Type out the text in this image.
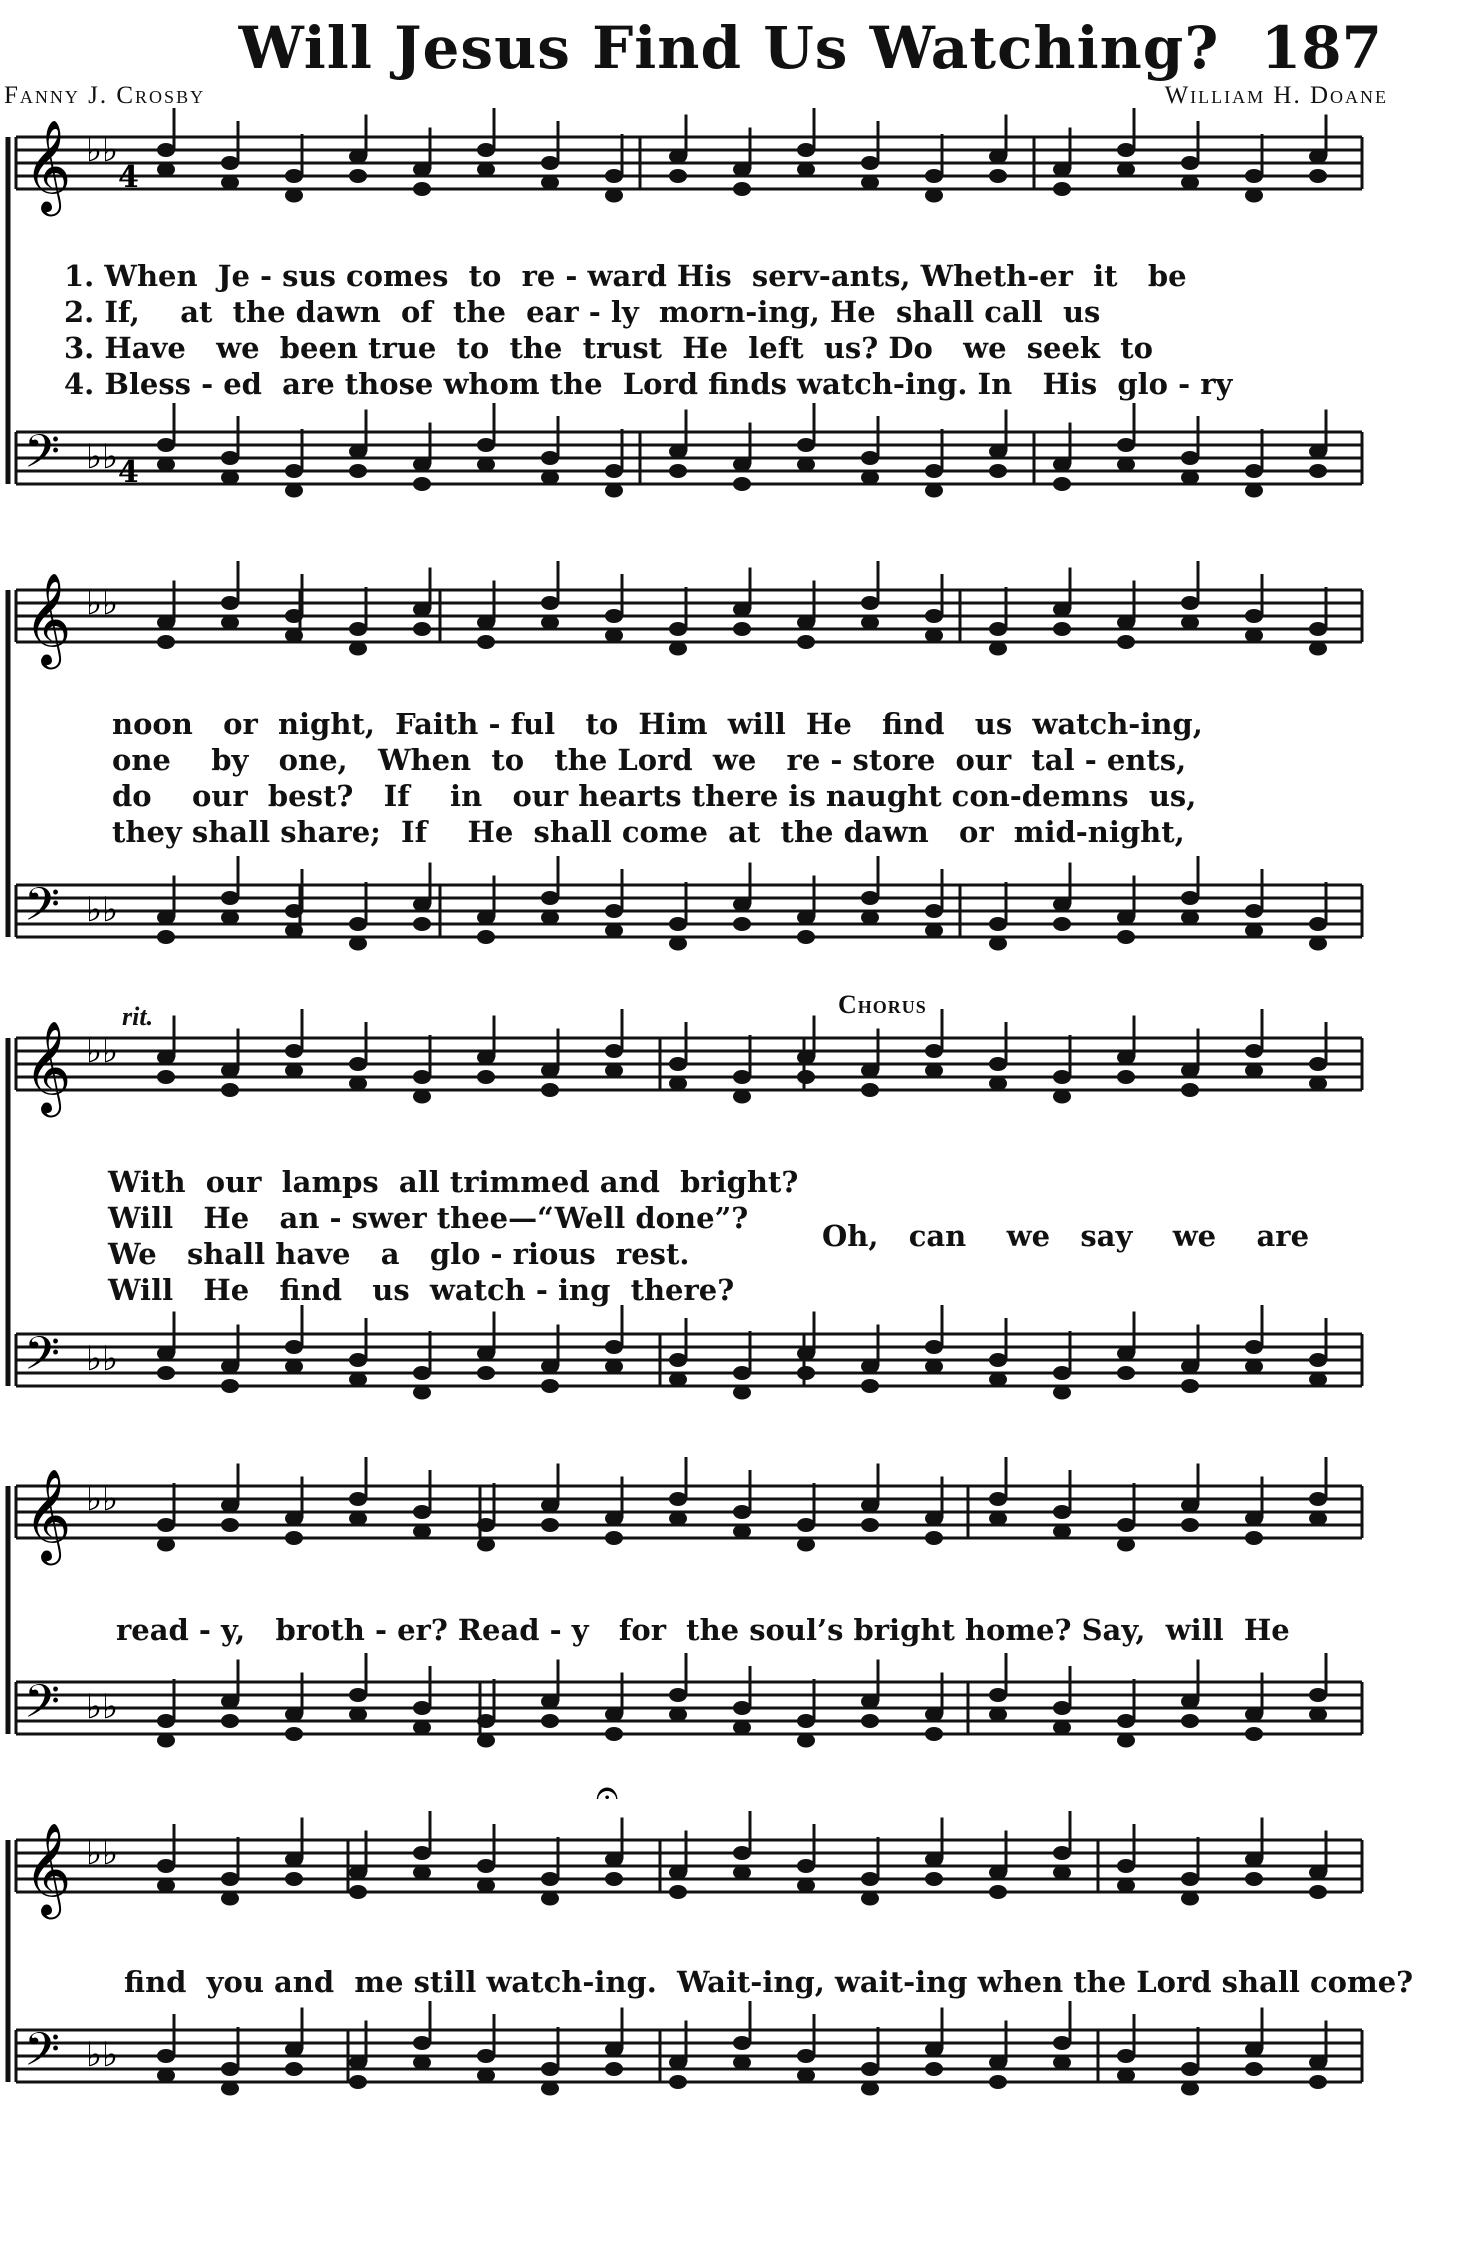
Will Jesus Find Us Watching? 187
Fanny J. Crosby	William H. Doane
𝄞 ♭♭
𝄢 ♭♭
𝄞 ♭♭
𝄢 ♭♭
𝄞 ♭♭
𝄢 ♭♭
𝄞 ♭♭
𝄢 ♭♭
𝄞 ♭♭
𝄢 ♭♭
4
4
𝄐
1. When  Je - sus comes  to  re - ward His  serv-ants, Wheth-er  it   be
2. If,    at  the dawn  of  the  ear - ly  morn-ing, He  shall call  us
3. Have   we  been true  to  the  trust  He  left  us? Do   we  seek  to
4. Bless - ed  are those whom the  Lord finds watch-ing. In   His  glo - ry
noon   or  night,  Faith - ful   to  Him  will  He   find   us  watch-ing,
one    by   one,   When  to   the Lord  we   re - store  our  tal - ents,
do    our  best?   If    in   our hearts there is naught con-demns  us,
they shall share;  If    He  shall come  at  the dawn   or  mid-night,
rit.	Chorus
With  our  lamps  all trimmed and  bright?
Will   He   an - swer thee—“Well done”?
We   shall have   a   glo - rious  rest.
Will   He   find   us  watch - ing  there?
Oh,   can    we   say    we    are
read - y,   broth - er? Read - y   for  the soul’s bright home? Say,  will  He
find  you and  me still watch-ing.  Wait-ing, wait-ing when the Lord shall come?
